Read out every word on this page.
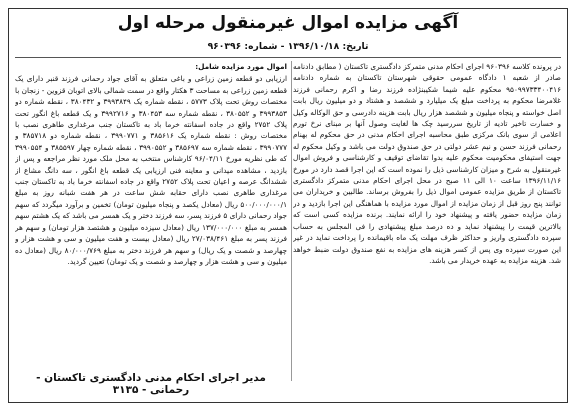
آگهی مزایده اموال غیرمنقول مرحله اول
تاریخ: ۱۳۹۶/۱۰/۱۸ - شماره: ۹۶۰۳۹۶
در پرونده کلاسه ۹۶۰۳۹۶ اجرای احکام مدنی متمرکز دادگستری تاکستان ( مطابق دادنامه صادر از شعبه ۱ دادگاه عمومی حقوقی شهرستان تاکستان به شماره دادنامه ۹۵۰۹۹۷۳۳۴۰۰۴۱۶ محکوم علیه شیما شکیبنژاده فرزند رضا و اکرم رحمانی فرزند غلامرضا محکوم به پرداخت مبلغ یک میلیارد و ششصد و هشتاد و دو میلیون ریال بابت اصل خواسته و پنجاه میلیون و ششصد هزار ریال بابت هزینه دادرسی و حق الوکاله وکیل و خسارت تاخیر تادیه از تاریخ سررسید چک ها لغایت وصول آنها بر مبنای نرخ تورم اعلامی از سوی بانک مرکزی طبق محاسبه اجرای احکام مدنی در حق محکوم له بهنام رحمانی فرزند حسن و نیم عشر دولتی در حق صندوق دولت می باشد و وکیل محکوم له جهت استیفای محکومیت محکوم علیه بدوا تقاضای توقیف و کارشناسی و فروش اموال غیرمنقول به شرح و میزان کارشناسی ذیل را نموده است که این اجرا قصد دارد در مورخ ۱۳۹۶/۱۱/۱۶ ساعت ۱۰ الی ۱۱ صبح در محل اجرای احکام مدنی متمرکز دادگستری تاکستان از طریق مزایده عمومی اموال ذیل را بفروش برساند. طالبین و خریداران می توانند پنج روز قبل از زمان مزایده از اموال مورد مزایده با هماهنگی این اجرا بازدید و در زمان مزایده حضور یافته و پیشنهاد خود را ارائه نمایند. برنده مزایده کسی است که بالاترین قیمت را پیشنهاد نماید و ده درصد مبلغ پیشنهادی را فی المجلس به حساب سپرده دادگستری واریز و حداکثر ظرف مهلت یک ماه باقیمانده را پرداخت نماید در غیر این صورت سپرده وی پس از کسر هزینه های مزایده به نفع صندوق دولت ضبط خواهد شد. هزینه مزایده به عهده خریدار می باشد.
اموال مورد مزایده شامل:
ارزیابی دو قطعه زمین زراعی و باغی متعلق به آقای جواد رحمانی فرزند قنبر دارای یک قطعه زمین زراعی به مساحت ۳ هکتار واقع در سمت شمالی بالای اتوبان قزوین - زنجان با مختصات روش تحت پلاک ۵۷۷۳ ، نقطه شماره یک ۳۹۹۳۸۴۹ و ۳۸۰۴۳۲ ، نقطه شماره دو ۳۹۹۳۸۵۳ و ۳۸۰۵۵۲ ، نقطه شماره سه ۳۸۰۴۵۳ و ۳۹۹۲۷۱۶ و یک قطعه باغ انگور تحت پلاک ۲۷۵۲ واقع در جاده اسفانته خرما باد به تاکستان جنب مرغداری طاهری نصب با مختصات روش : نقطه شماره یک ۳۸۵۶۱۶ و ۳۹۹۰۷۷۱ ، نقطه شماره دو ۳۸۵۷۱۸ و ۳۹۹۰۷۷۷ ، نقطه شماره سه ۳۸۵۶۹۷ و ۳۹۹۰۵۵۲ ، نقطه شماره چهار ۳۸۵۵۹۷ و ۳۹۹۰۵۵۴ که طی نظریه مورخ ۹۶/۰۴/۱۱ کارشناس منتخب به محل ملک مورد نظر مراجعه و پس از بازدید ، مشاهده میدانی و معاینه فنی ارزیابی یک قطعه باغ انگور ، سه دانگ مشاع از ششدانگ عرصه و اعیان تحت پلاک ۲۷۵۲ واقع در جاده اسفانته خرما باد به تاکستان جنب مرغداری طاهری نصب دارای حقابه شش ساعت در هر هفت شبانه روز به مبلغ ۵۰۰/۰۰۰/۰۰۰/۱ ریال (معادل یکصد و پنجاه میلیون تومان) تخمین و برآورد میگردد که سهم جواد رحمانی دارای ۵ فرزند پسر، سه فرزند دختر و یک همسر می باشد که یک هشتم سهم همسر به مبلغ ۱۳۷/۰۰۰/۰۰۰ ریال (معادل سیزده میلیون و هشتصد هزار تومان) و سهم هر فرزند پسر به مبلغ ۲۷/۰۳۸/۴۶۱ ریال (معادل بیست و هفت میلیون و سی و هشت هزار و چهارصد و شصت و یک ریال) و سهم هر فرزند دختر به مبلغ ۸۰/۰۰۰/۷۶۹ ریال (معادل ده میلیون و سی و هشت هزار و چهارصد و شصت و یک تومان) تعیین گردید.
مدیر اجرای احکام مدنی دادگستری تاکستان - رحمانی - ۳۱۳۵
